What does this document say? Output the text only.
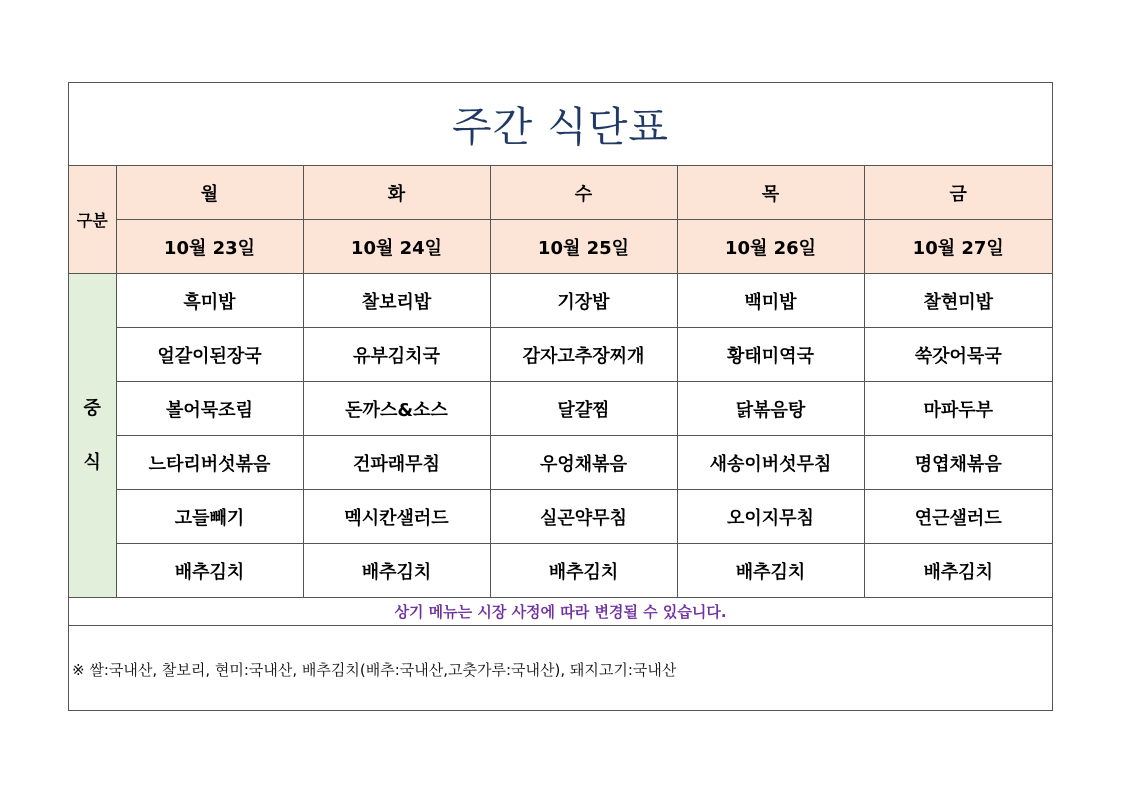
주간 식단표
구분	월	화	수	목	금
	10월 23일	10월 24일	10월 25일	10월 26일	10월 27일

중
식	흑미밥	찰보리밥	기장밥	백미밥	찰현미밥
	얼갈이된장국	유부김치국	감자고추장찌개	황태미역국	쑥갓어묵국
	볼어묵조림	돈까스&소스	달걀찜	닭볶음탕	마파두부
	느타리버섯볶음	건파래무침	우엉채볶음	새송이버섯무침	명엽채볶음
	고들빼기	멕시칸샐러드	실곤약무침	오이지무침	연근샐러드
	배추김치	배추김치	배추김치	배추김치	배추김치
상기 메뉴는 시장 사정에 따라 변경될 수 있습니다.
※ 쌀:국내산, 찰보리, 현미:국내산, 배추김치(배추:국내산,고춧가루:국내산), 돼지고기:국내산
